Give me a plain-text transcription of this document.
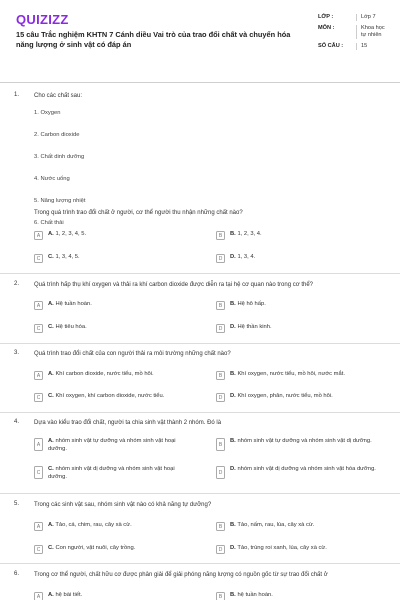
QUIZIZZ
15 câu Trắc nghiệm KHTN 7 Cánh diều Vai trò của trao đổi chất và chuyển hóa năng lượng ở sinh vật có đáp án
LỚP :	Lớp 7
MÔN :	Khoa học tự nhiên
SỐ CÂU :	15
1. Cho các chất sau:
1. Oxygen
2. Carbon dioxide
3. Chất dinh dưỡng
4. Nước uống
5. Năng lượng nhiệt
6. Chất thải
Trong quá trình trao đổi chất ở người, cơ thể người thu nhận những chất nào?
A	A. 1, 2, 3, 4, 5.	B	B. 1, 2, 3, 4.
C	C. 1, 3, 4, 5.	D	D. 1, 3, 4.
2. Quá trình hấp thụ khí oxygen và thải ra khí carbon dioxide được diễn ra tại hệ cơ quan nào trong cơ thể?
A	A. Hệ tuần hoàn.	B	B. Hệ hô hấp.
C	C. Hệ tiêu hóa.	D	D. Hệ thần kinh.
3. Quá trình trao đổi chất của con người thải ra môi trường những chất nào?
A	A. Khí carbon dioxide, nước tiểu, mồ hôi.	B	B. Khí oxygen, nước tiểu, mồ hôi, nước mắt.
C	C. Khí oxygen, khí carbon dioxide, nước tiểu.	D	D. Khí oxygen, phân, nước tiểu, mồ hôi.
4. Dựa vào kiểu trao đổi chất, người ta chia sinh vật thành 2 nhóm. Đó là
A
A. nhóm sinh vật tự dưỡng và nhóm sinh vật hoại dưỡng.
B
B. nhóm sinh vật tự dưỡng và nhóm sinh vật dị dưỡng.
C
C. nhóm sinh vật dị dưỡng và nhóm sinh vật hoại dưỡng.
D
D. nhóm sinh vật dị dưỡng và nhóm sinh vật hóa dưỡng.
5. Trong các sinh vật sau, nhóm sinh vật nào có khả năng tự dưỡng?
A	A. Tảo, cá, chim, rau, cây xà cừ.	B	B. Tảo, nấm, rau, lúa, cây xà cừ.
C	C. Con người, vật nuôi, cây trồng.	D	D. Tảo, trùng roi xanh, lúa, cây xà cừ.
6. Trong cơ thể người, chất hữu cơ được phân giải để giải phóng năng lượng có nguồn gốc từ sự trao đổi chất ở
A	A. hệ bài tiết.	B	B. hệ tuần hoàn.
